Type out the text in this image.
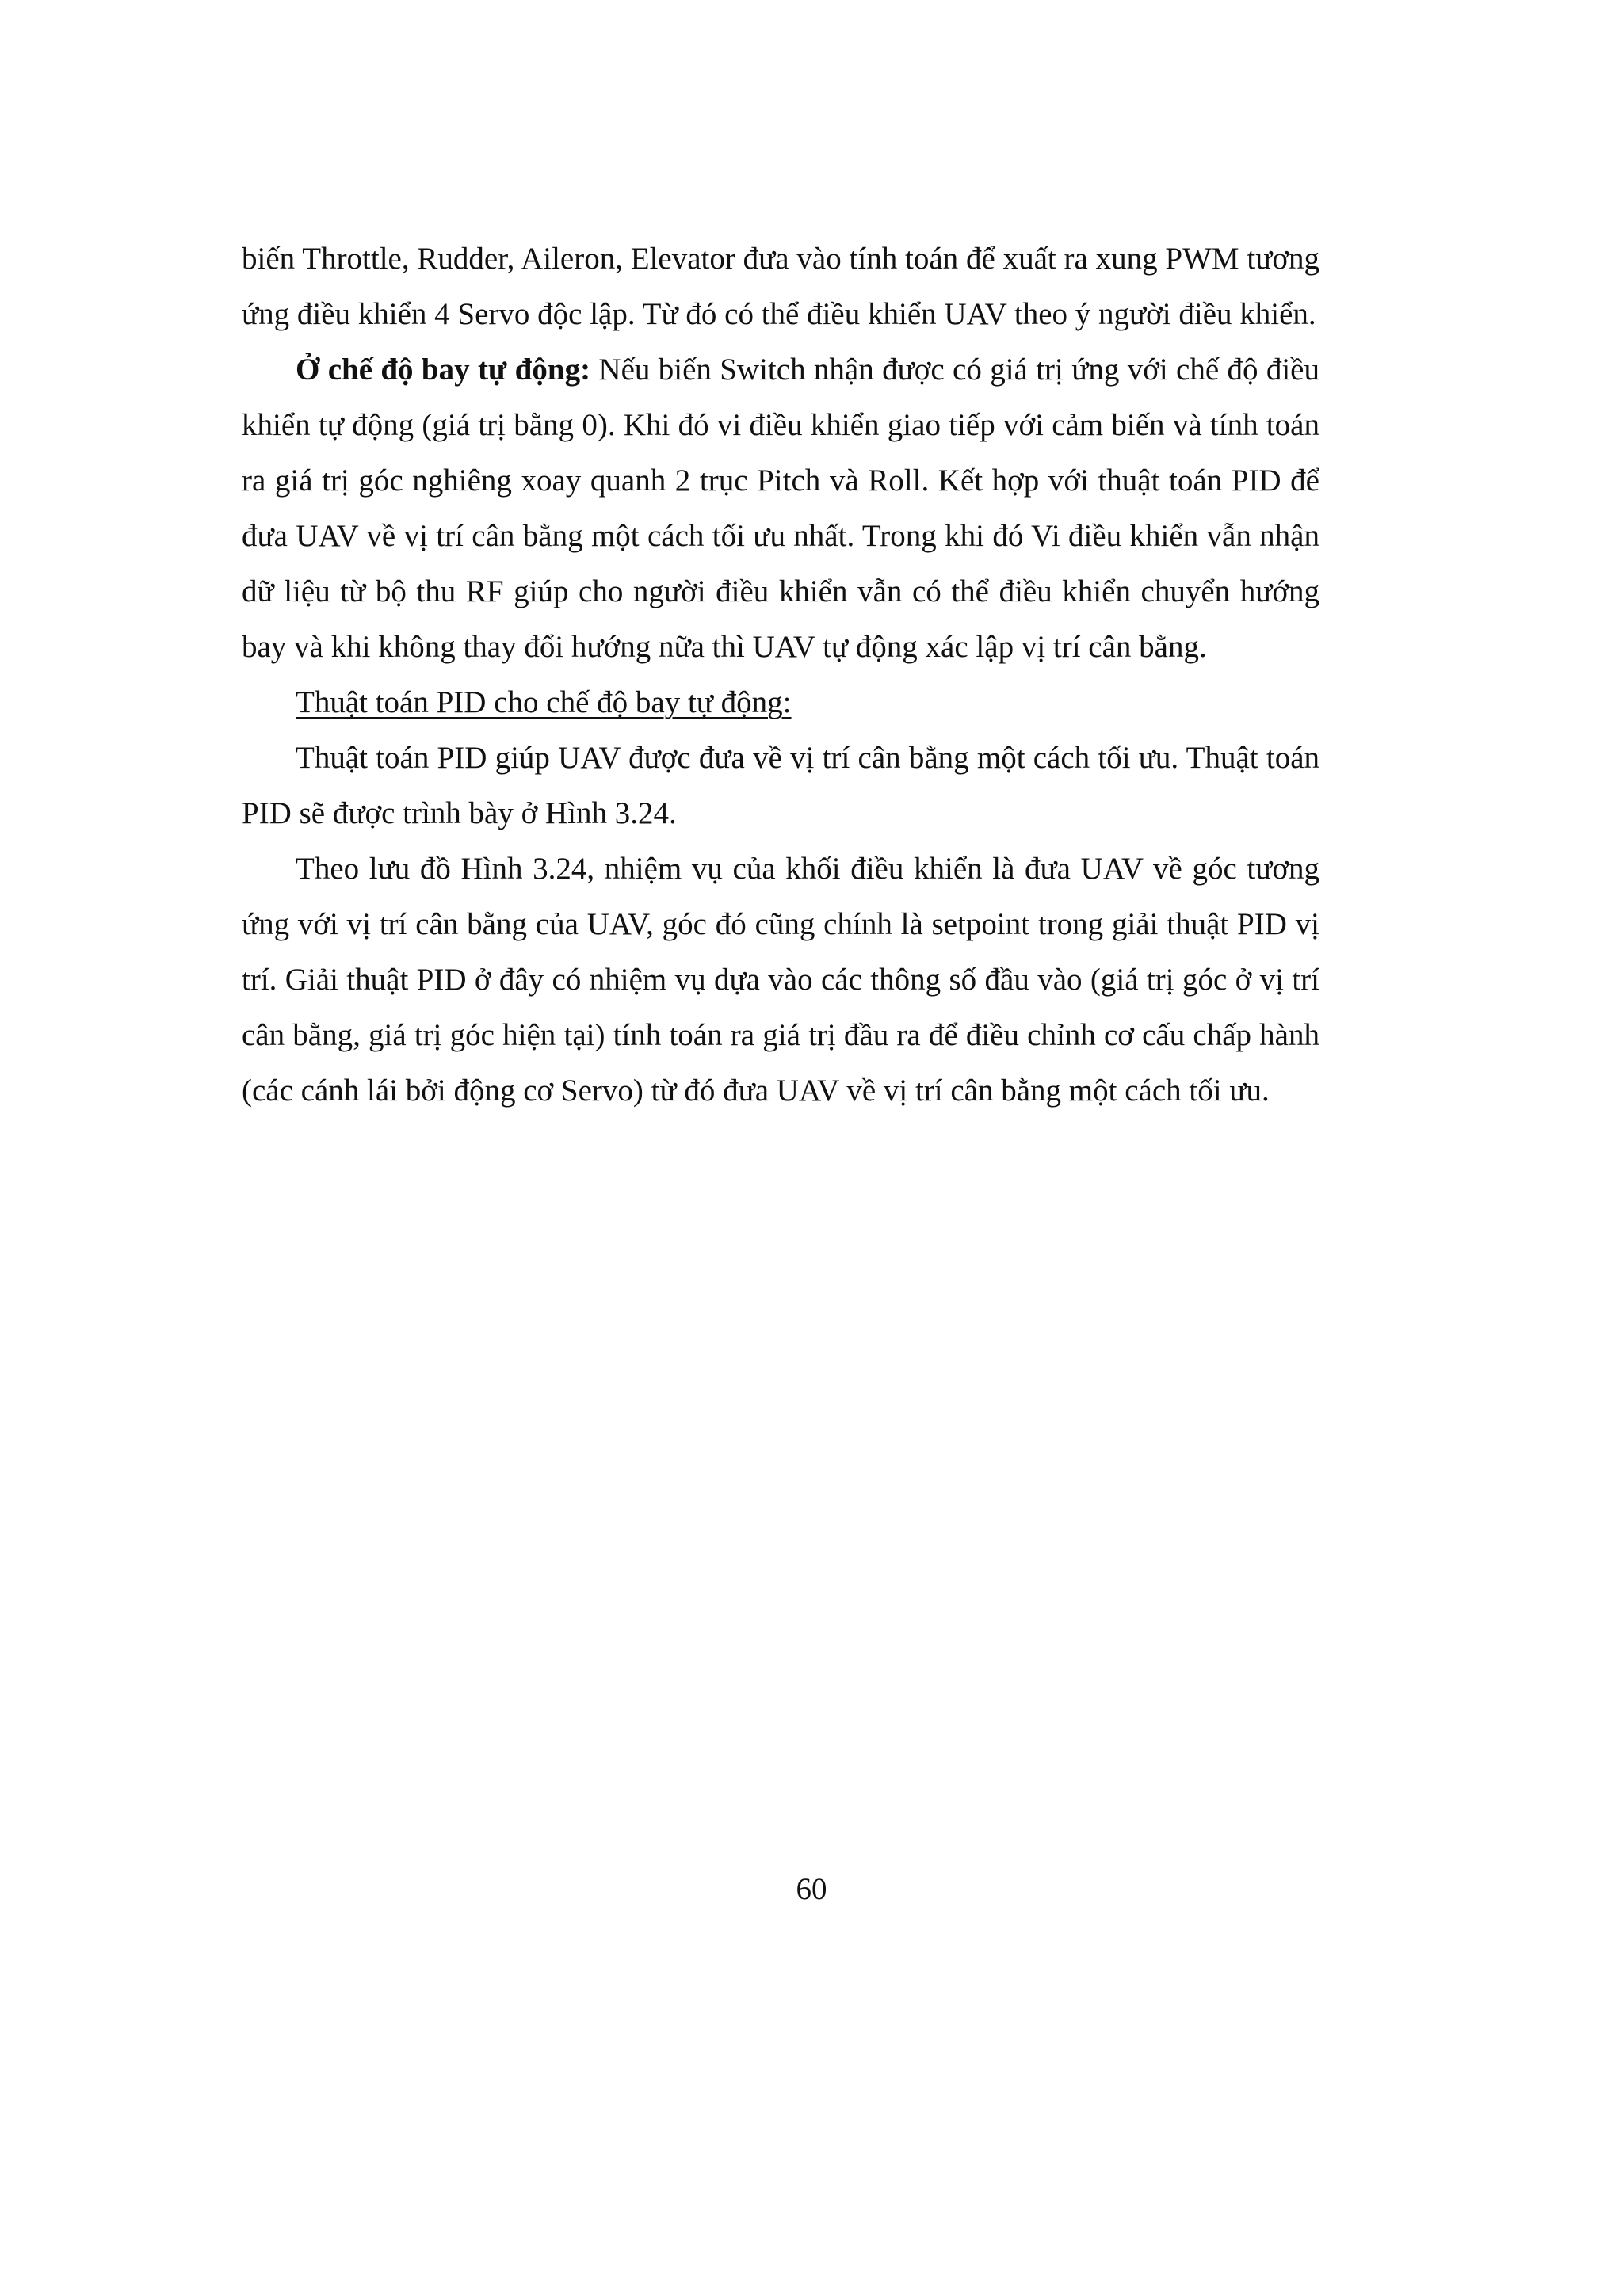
biến Throttle, Rudder, Aileron, Elevator đưa vào tính toán để xuất ra xung PWM tương ứng điều khiển 4 Servo độc lập. Từ đó có thể điều khiển UAV theo ý người điều khiển.

Ở chế độ bay tự động: Nếu biến Switch nhận được có giá trị ứng với chế độ điều khiển tự động (giá trị bằng 0). Khi đó vi điều khiển giao tiếp với cảm biến và tính toán ra giá trị góc nghiêng xoay quanh 2 trục Pitch và Roll. Kết hợp với thuật toán PID để đưa UAV về vị trí cân bằng một cách tối ưu nhất. Trong khi đó Vi điều khiển vẫn nhận dữ liệu từ bộ thu RF giúp cho người điều khiển vẫn có thể điều khiển chuyển hướng bay và khi không thay đổi hướng nữa thì UAV tự động xác lập vị trí cân bằng.

Thuật toán PID cho chế độ bay tự động:

Thuật toán PID giúp UAV được đưa về vị trí cân bằng một cách tối ưu. Thuật toán PID sẽ được trình bày ở Hình 3.24.

Theo lưu đồ Hình 3.24, nhiệm vụ của khối điều khiển là đưa UAV về góc tương ứng với vị trí cân bằng của UAV, góc đó cũng chính là setpoint trong giải thuật PID vị trí. Giải thuật PID ở đây có nhiệm vụ dựa vào các thông số đầu vào (giá trị góc ở vị trí cân bằng, giá trị góc hiện tại) tính toán ra giá trị đầu ra để điều chỉnh cơ cấu chấp hành (các cánh lái bởi động cơ Servo) từ đó đưa UAV về vị trí cân bằng một cách tối ưu.

60
